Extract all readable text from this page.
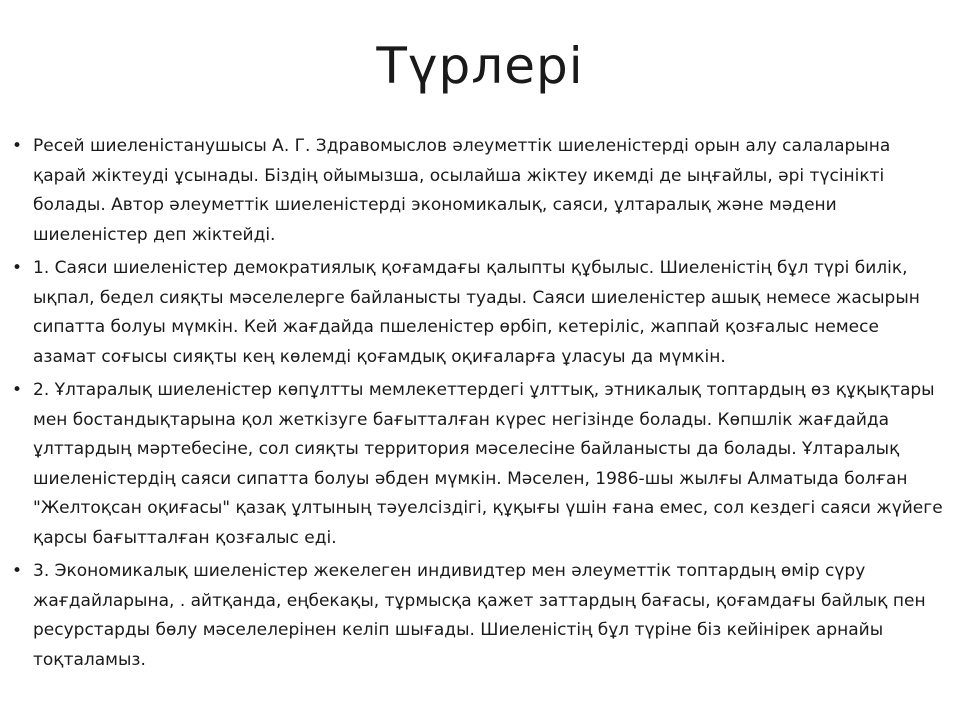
Түрлері
• Ресей шиеленістанушысы А. Г. Здравомыслов әлеуметтік шиеленістерді орын алу салаларына қарай жіктеуді ұсынады. Біздің ойымызша, осылайша жіктеу икемді де ыңғайлы, әрі түсінікті болады. Автор әлеуметтік шиеленістерді экономикалық, саяси, ұлтаралық және мәдени шиеленістер деп жіктейді.
• 1. Саяси шиеленістер демократиялық қоғамдағы қалыпты құбылыс. Шиеленістің бұл түрі билік, ықпал, бедел сияқты мәселелерге байланысты туады. Саяси шиеленістер ашық немесе жасырын сипатта болуы мүмкін. Кей жағдайда пшеленістер өрбіп, кетеріліс, жаппай қозғалыс немесе азамат соғысы сияқты кең көлемді қоғамдық оқиғаларға ұласуы да мүмкін.
• 2. Ұлтаралық шиеленістер көпұлтты мемлекеттердегі ұлттық, этникалық топтардың өз құқықтары мен бостандықтарына қол жеткізуге бағытталған күрес негізінде болады. Көпшлік жағдайда ұлттардың мәртебесіне, сол сияқты территория мәселесіне байланысты да болады. Ұлтаралық шиеленістердің саяси сипатта болуы әбден мүмкін. Мәселен, 1986-шы жылғы Алматыда болған "Желтоқсан оқиғасы" қазақ ұлтының тәуелсіздігі, құқығы үшін ғана емес, сол кездегі саяси жүйеге қарсы бағытталған қозғалыс еді.
• 3. Экономикалық шиеленістер жекелеген индивидтер мен әлеуметтік топтардың өмір сүру жағдайларына, . айтқанда, еңбекақы, тұрмысқа қажет заттардың бағасы, қоғамдағы байлық пен ресурстарды бөлу мәселелерінен келіп шығады. Шиеленістің бұл түріне біз кейінірек арнайы тоқталамыз.
